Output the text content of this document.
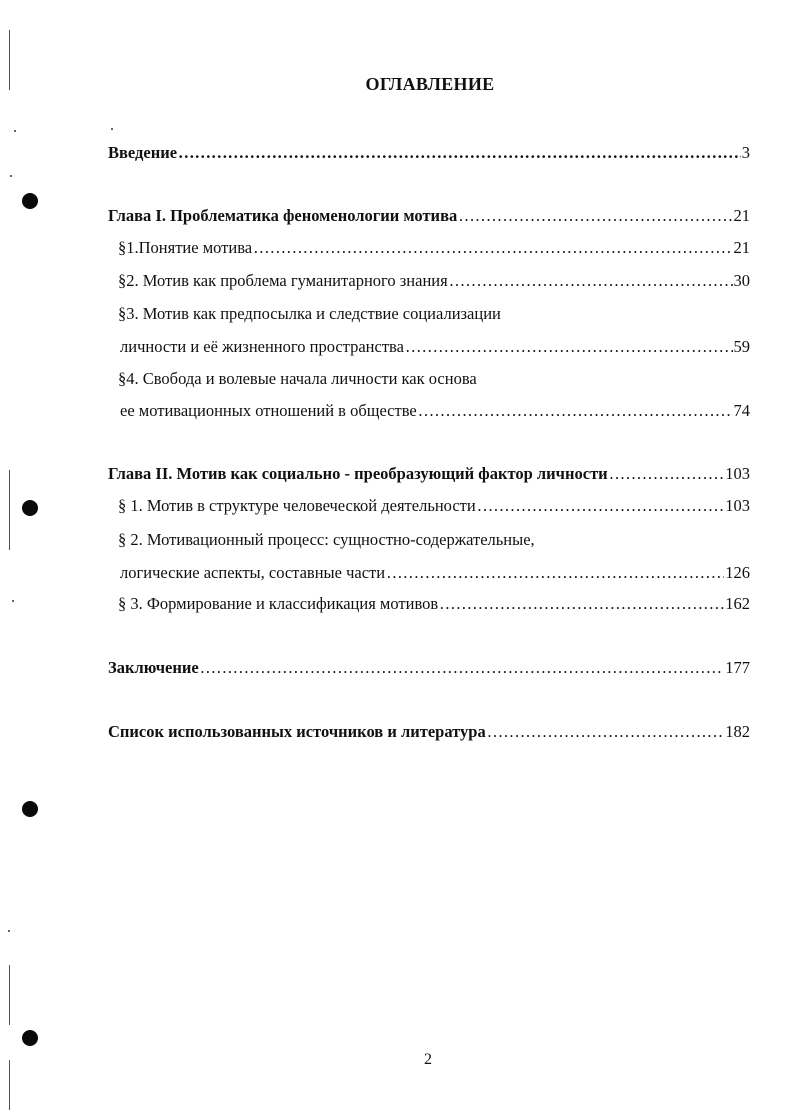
ОГЛАВЛЕНИЕ
Введение ……………………………………………………………………………………………………………………………………………………………………………………	3
Глава I. Проблематика феноменологии мотива ……………………………………………………………………………………………………………………………………………………………………………………	21
§1.Понятие мотива ……………………………………………………………………………………………………………………………………………………………………………………	21
§2. Мотив как проблема гуманитарного знания ……………………………………………………………………………………………………………………………………………………………………………………	30
§3. Мотив как предпосылка и следствие социализации
личности и её жизненного пространства ……………………………………………………………………………………………………………………………………………………………………………………	59
§4. Свобода и волевые начала личности как основа
ее мотивационных отношений в обществе ……………………………………………………………………………………………………………………………………………………………………………………	74
Глава II. Мотив как социально - преобразующий фактор личности ……………………………………………………………………………………………………………………………………………………………………………………	103
§ 1. Мотив в структуре человеческой деятельности ……………………………………………………………………………………………………………………………………………………………………………………	103
§ 2. Мотивационный процесс: сущностно-содержательные,
логические аспекты, составные части ……………………………………………………………………………………………………………………………………………………………………………………	126
§ 3. Формирование и классификация мотивов ……………………………………………………………………………………………………………………………………………………………………………………	162
Заключение ……………………………………………………………………………………………………………………………………………………………………………………	177
Список использованных источников и литература ……………………………………………………………………………………………………………………………………………………………………………………	182
2
